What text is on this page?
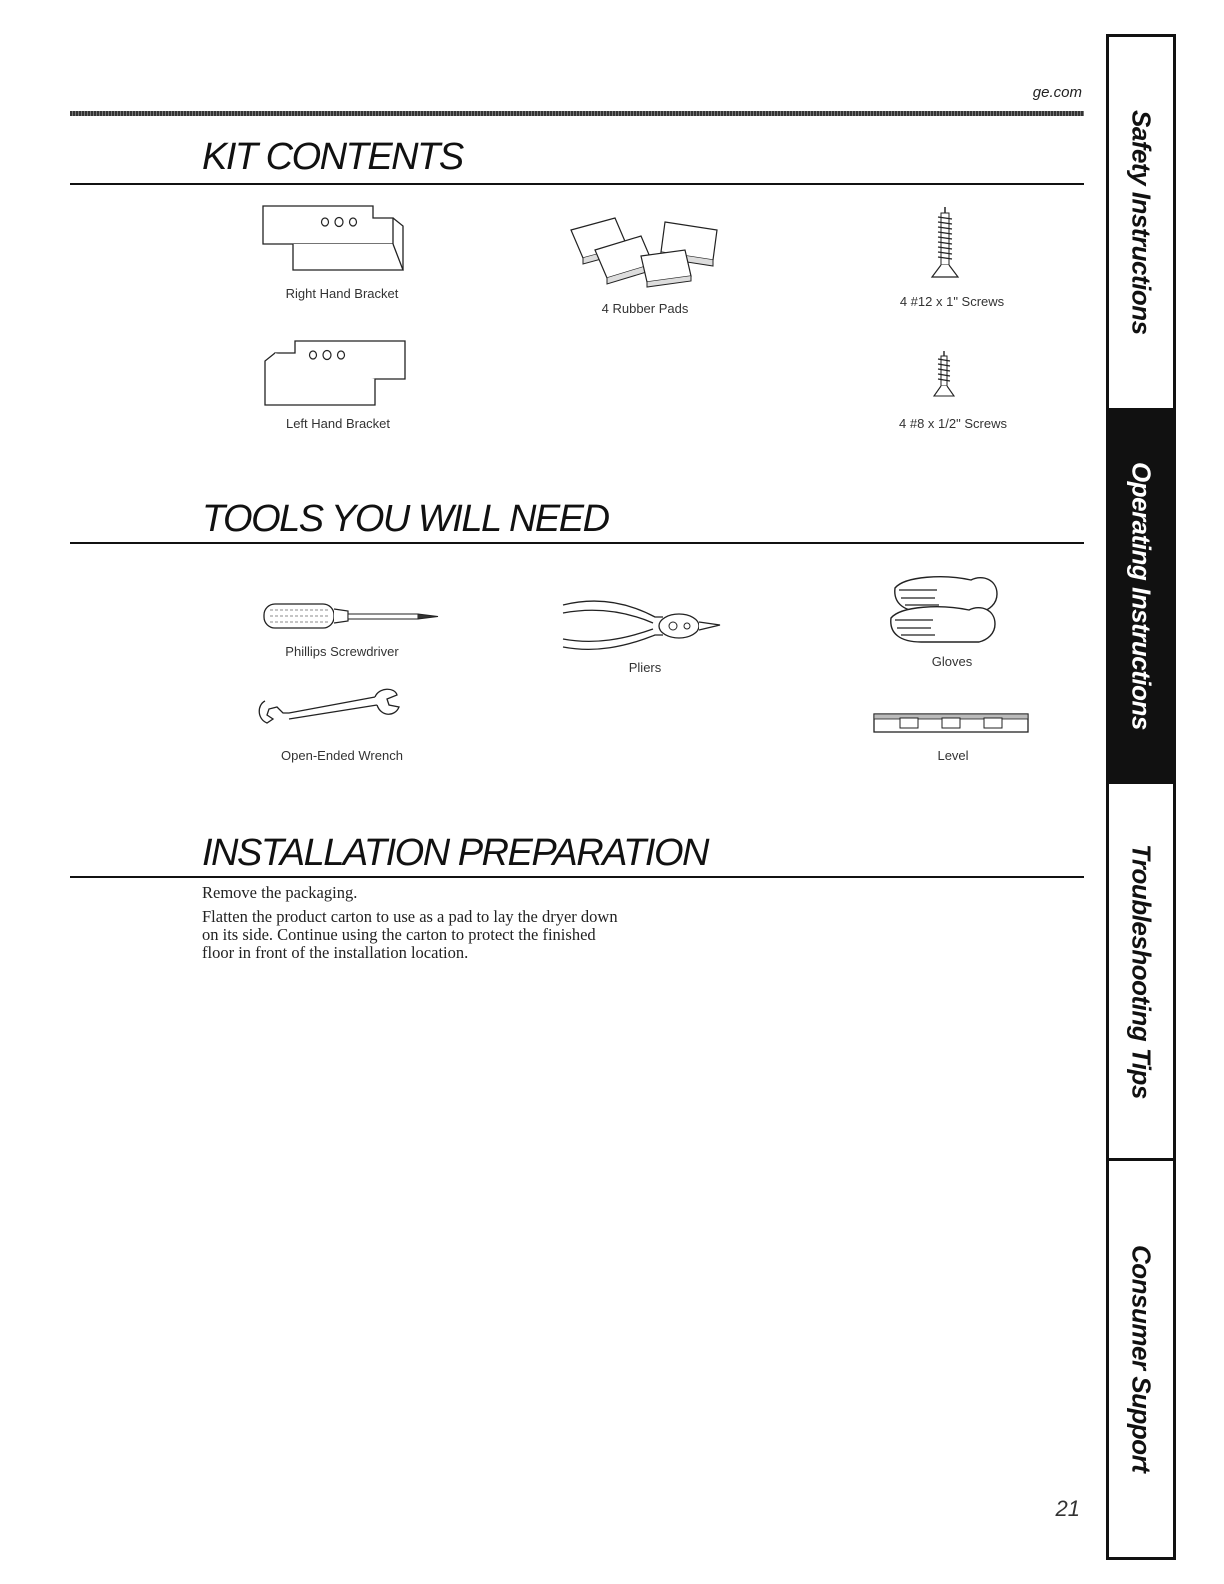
ge.com
KIT CONTENTS
Right Hand Bracket
4 Rubber Pads	4 #12 x 1" Screws
Left Hand Bracket	4 #8 x 1/2" Screws
TOOLS YOU WILL NEED
Phillips Screwdriver
Pliers	Gloves
Open-Ended Wrench	Level
INSTALLATION PREPARATION

Remove the packaging.

Flatten the product carton to use as a pad to lay the dryer down on its side. Continue using the carton to protect the finished floor in front of the installation location.

21
Safety Instructions
Operating Instructions
Troubleshooting Tips
Consumer Support
